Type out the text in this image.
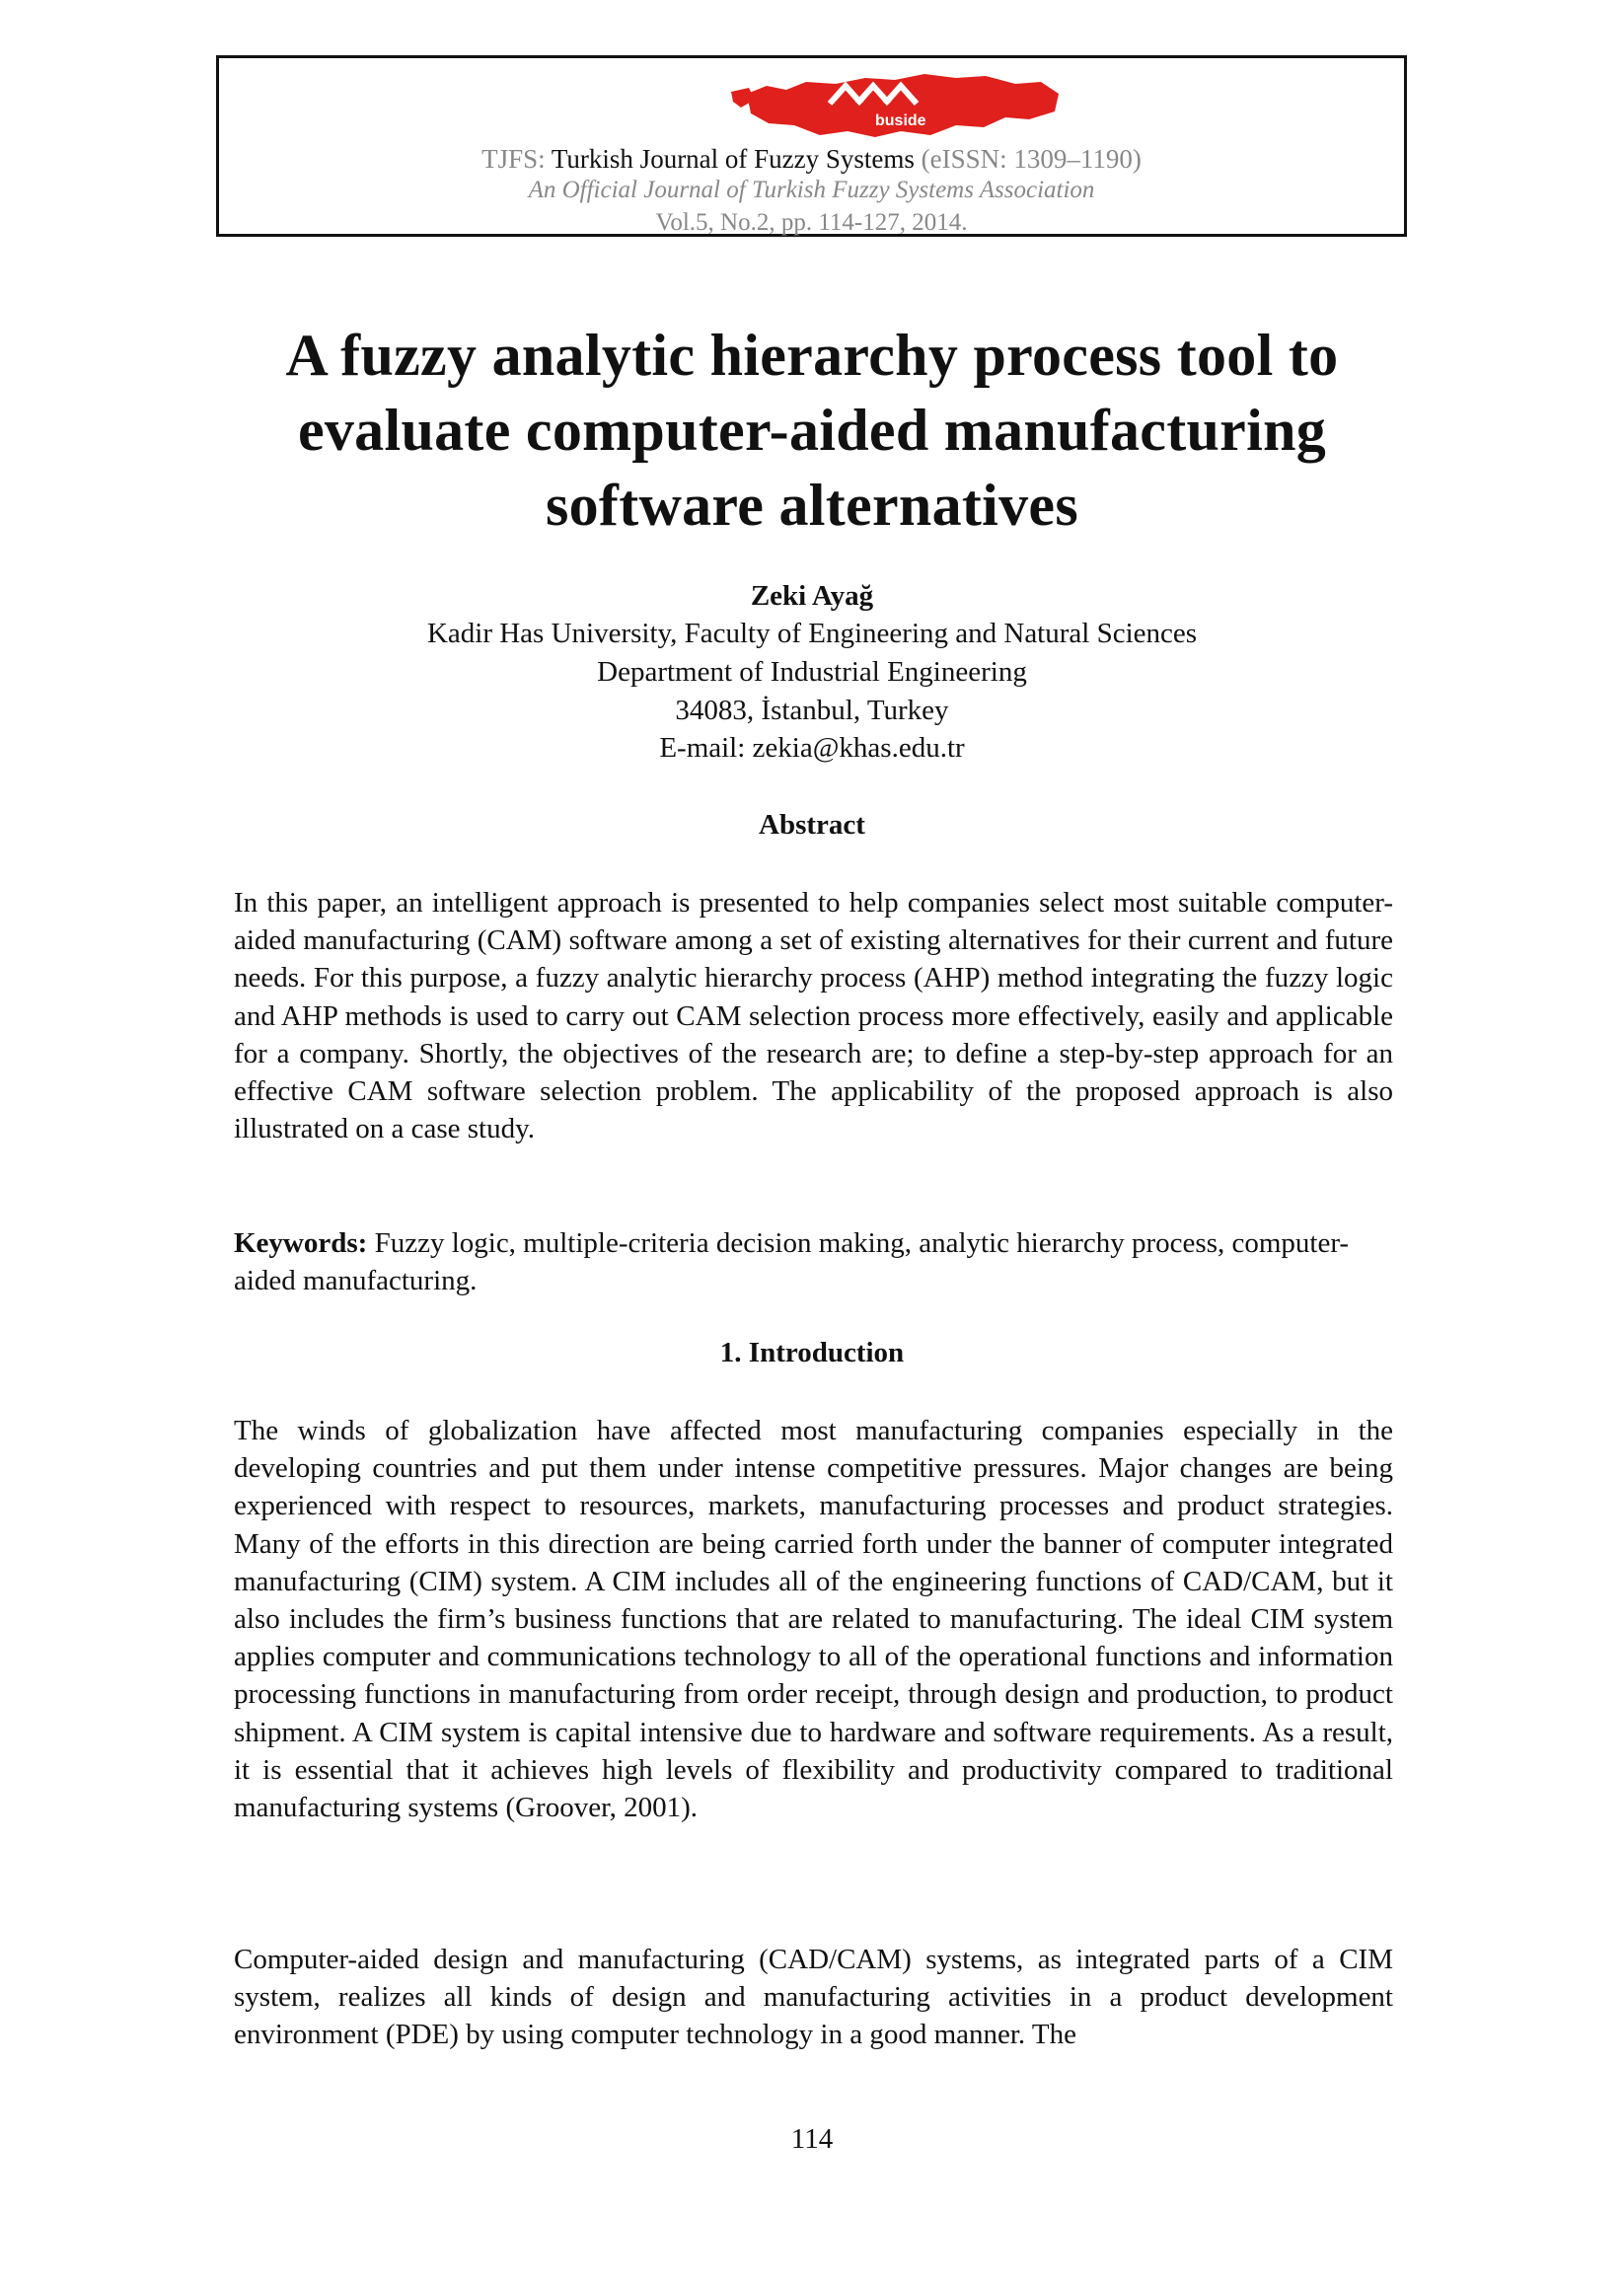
buside
TJFS: Turkish Journal of Fuzzy Systems (eISSN: 1309–1190)
An Official Journal of Turkish Fuzzy Systems Association
Vol.5, No.2, pp. 114-127, 2014.
A fuzzy analytic hierarchy process tool to evaluate computer-aided manufacturing software alternatives
Zeki Ayağ
Kadir Has University, Faculty of Engineering and Natural Sciences
Department of Industrial Engineering
34083, İstanbul, Turkey
E-mail: zekia@khas.edu.tr
Abstract

In this paper, an intelligent approach is presented to help companies select most suitable computer-aided manufacturing (CAM) software among a set of existing alternatives for their current and future needs. For this purpose, a fuzzy analytic hierarchy process (AHP) method integrating the fuzzy logic and AHP methods is used to carry out CAM selection process more effectively, easily and applicable for a company. Shortly, the objectives of the research are; to define a step-by-step approach for an effective CAM software selection problem. The applicability of the proposed approach is also illustrated on a case study.

Keywords: Fuzzy logic, multiple-criteria decision making, analytic hierarchy process, computer-aided manufacturing.

1. Introduction

The winds of globalization have affected most manufacturing companies especially in the developing countries and put them under intense competitive pressures. Major changes are being experienced with respect to resources, markets, manufacturing processes and product strategies. Many of the efforts in this direction are being carried forth under the banner of computer integrated manufacturing (CIM) system. A CIM includes all of the engineering functions of CAD/CAM, but it also includes the firm’s business functions that are related to manufacturing. The ideal CIM system applies computer and communications technology to all of the operational functions and information processing functions in manufacturing from order receipt, through design and production, to product shipment. A CIM system is capital intensive due to hardware and software requirements. As a result, it is essential that it achieves high levels of flexibility and productivity compared to traditional manufacturing systems (Groover, 2001).

Computer-aided design and manufacturing (CAD/CAM) systems, as integrated parts of a CIM system, realizes all kinds of design and manufacturing activities in a product development environment (PDE) by using computer technology in a good manner. The

114
